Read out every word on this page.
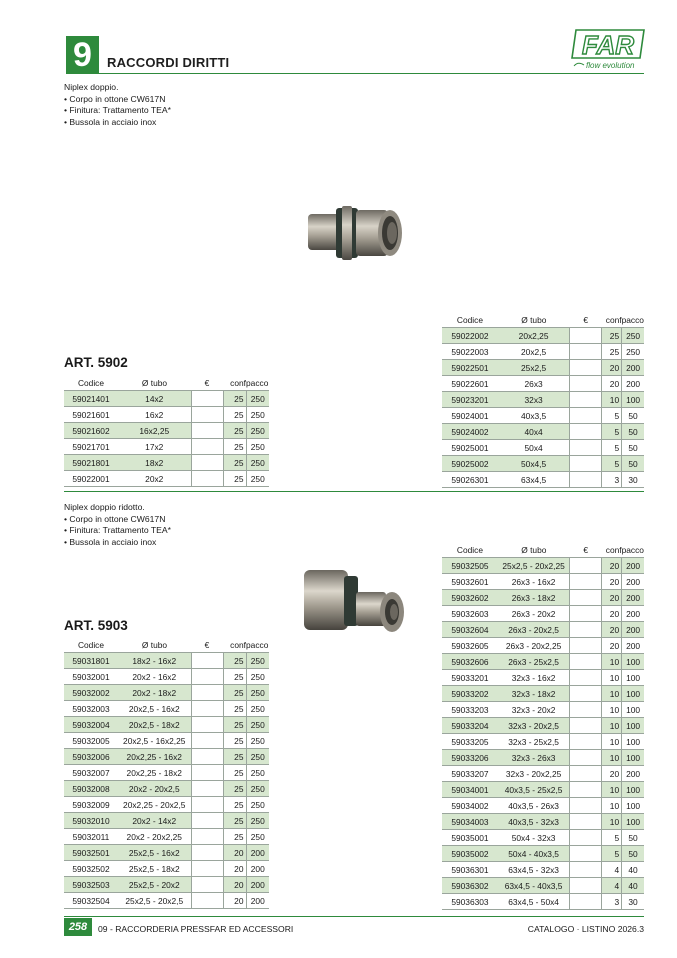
9	RACCORDI DIRITTI
FAR
flow evolution
Niplex doppio.
• Corpo in ottone CW617N
• Finitura: Trattamento TEA*
• Bussola in acciaio inox
ART. 5902
Codice	Ø tubo	€	conf	pacco
59021401	14x2		25	250
59021601	16x2		25	250
59021602	16x2,25		25	250
59021701	17x2		25	250
59021801	18x2		25	250
59022001	20x2		25	250
Codice	Ø tubo	€	conf	pacco
59022002	20x2,25		25	250
59022003	20x2,5		25	250
59022501	25x2,5		20	200
59022601	26x3		20	200
59023201	32x3		10	100
59024001	40x3,5		5	50
59024002	40x4		5	50
59025001	50x4		5	50
59025002	50x4,5		5	50
59026301	63x4,5		3	30
Niplex doppio ridotto.
• Corpo in ottone CW617N
• Finitura: Trattamento TEA*
• Bussola in acciaio inox
ART. 5903
Codice	Ø tubo	€	conf	pacco
59031801	18x2 - 16x2		25	250
59032001	20x2 - 16x2		25	250
59032002	20x2 - 18x2		25	250
59032003	20x2,5 - 16x2		25	250
59032004	20x2,5 - 18x2		25	250
59032005	20x2,5 - 16x2,25		25	250
59032006	20x2,25 - 16x2		25	250
59032007	20x2,25 - 18x2		25	250
59032008	20x2 - 20x2,5		25	250
59032009	20x2,25 - 20x2,5		25	250
59032010	20x2 - 14x2		25	250
59032011	20x2 - 20x2,25		25	250
59032501	25x2,5 - 16x2		20	200
59032502	25x2,5 - 18x2		20	200
59032503	25x2,5 - 20x2		20	200
59032504	25x2,5 - 20x2,5		20	200
Codice	Ø tubo	€	conf	pacco
59032505	25x2,5 - 20x2,25		20	200
59032601	26x3 - 16x2		20	200
59032602	26x3 - 18x2		20	200
59032603	26x3 - 20x2		20	200
59032604	26x3 - 20x2,5		20	200
59032605	26x3 - 20x2,25		20	200
59032606	26x3 - 25x2,5		10	100
59033201	32x3 - 16x2		10	100
59033202	32x3 - 18x2		10	100
59033203	32x3 - 20x2		10	100
59033204	32x3 - 20x2,5		10	100
59033205	32x3 - 25x2,5		10	100
59033206	32x3 - 26x3		10	100
59033207	32x3 - 20x2,25		20	200
59034001	40x3,5 - 25x2,5		10	100
59034002	40x3,5 - 26x3		10	100
59034003	40x3,5 - 32x3		10	100
59035001	50x4 - 32x3		5	50
59035002	50x4 - 40x3,5		5	50
59036301	63x4,5 - 32x3		4	40
59036302	63x4,5 - 40x3,5		4	40
59036303	63x4,5 - 50x4		3	30
258	09 - RACCORDERIA PRESSFAR ED ACCESSORI	CATALOGO · LISTINO 2026.3
